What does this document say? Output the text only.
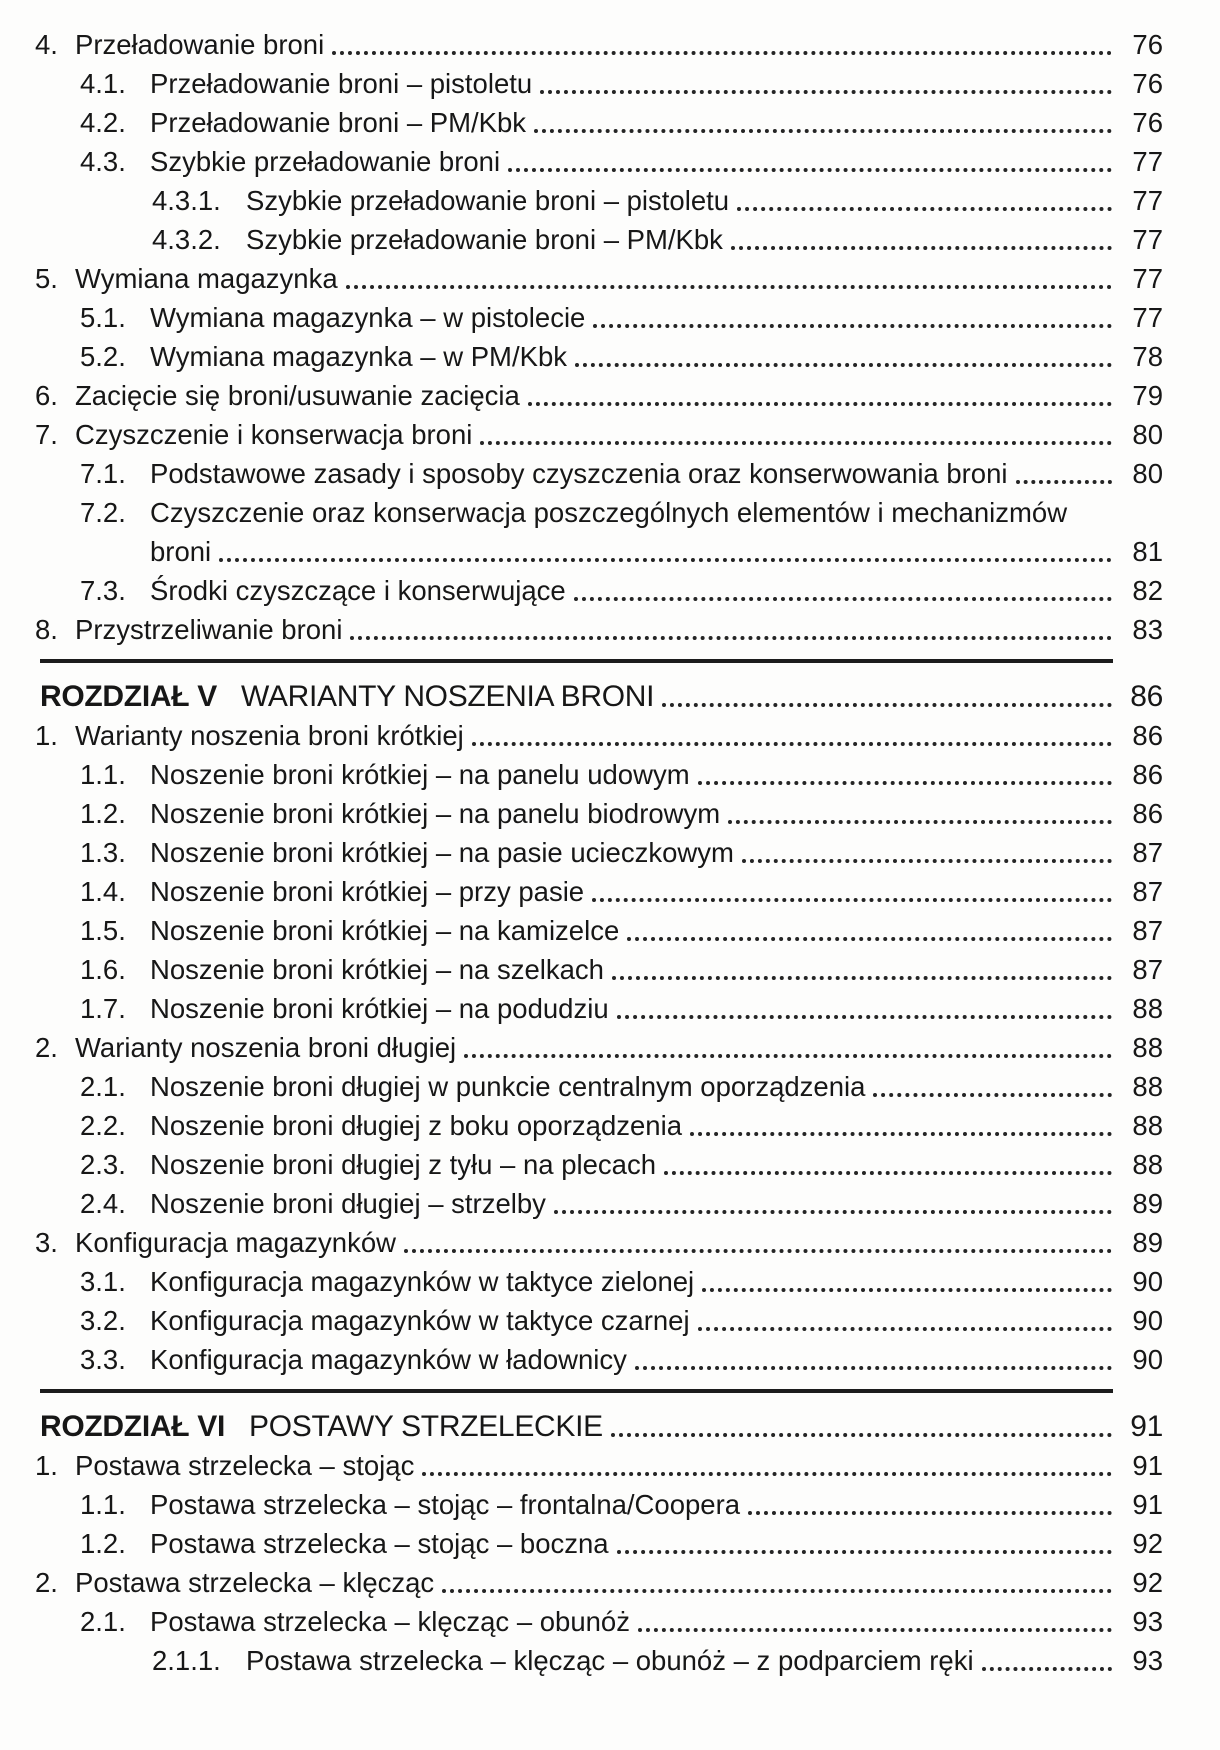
4. Przeładowanie broni	76
4.1. Przeładowanie broni – pistoletu	76
4.2. Przeładowanie broni – PM/Kbk	76
4.3. Szybkie przeładowanie broni	77
4.3.1. Szybkie przeładowanie broni – pistoletu	77
4.3.2. Szybkie przeładowanie broni – PM/Kbk	77
5. Wymiana magazynka	77
5.1. Wymiana magazynka – w pistolecie	77
5.2. Wymiana magazynka – w PM/Kbk	78
6. Zacięcie się broni/usuwanie zacięcia	79
7. Czyszczenie i konserwacja broni	80
7.1. Podstawowe zasady i sposoby czyszczenia oraz konserwowania broni	80
7.2. Czyszczenie oraz konserwacja poszczególnych elementów i mechanizmów
broni	81
7.3. Środki czyszczące i konserwujące	82
8. Przystrzeliwanie broni	83
ROZDZIAŁ V WARIANTY NOSZENIA BRONI	86
1. Warianty noszenia broni krótkiej	86
1.1. Noszenie broni krótkiej – na panelu udowym	86
1.2. Noszenie broni krótkiej – na panelu biodrowym	86
1.3. Noszenie broni krótkiej – na pasie ucieczkowym	87
1.4. Noszenie broni krótkiej – przy pasie	87
1.5. Noszenie broni krótkiej – na kamizelce	87
1.6. Noszenie broni krótkiej – na szelkach	87
1.7. Noszenie broni krótkiej – na podudziu	88
2. Warianty noszenia broni długiej	88
2.1. Noszenie broni długiej w punkcie centralnym oporządzenia	88
2.2. Noszenie broni długiej z boku oporządzenia	88
2.3. Noszenie broni długiej z tyłu – na plecach	88
2.4. Noszenie broni długiej – strzelby	89
3. Konfiguracja magazynków	89
3.1. Konfiguracja magazynków w taktyce zielonej	90
3.2. Konfiguracja magazynków w taktyce czarnej	90
3.3. Konfiguracja magazynków w ładownicy	90
ROZDZIAŁ VI POSTAWY STRZELECKIE	91
1. Postawa strzelecka – stojąc	91
1.1. Postawa strzelecka – stojąc – frontalna/Coopera	91
1.2. Postawa strzelecka – stojąc – boczna	92
2. Postawa strzelecka – klęcząc	92
2.1. Postawa strzelecka – klęcząc – obunóż	93
2.1.1. Postawa strzelecka – klęcząc – obunóż – z podparciem ręki	93
